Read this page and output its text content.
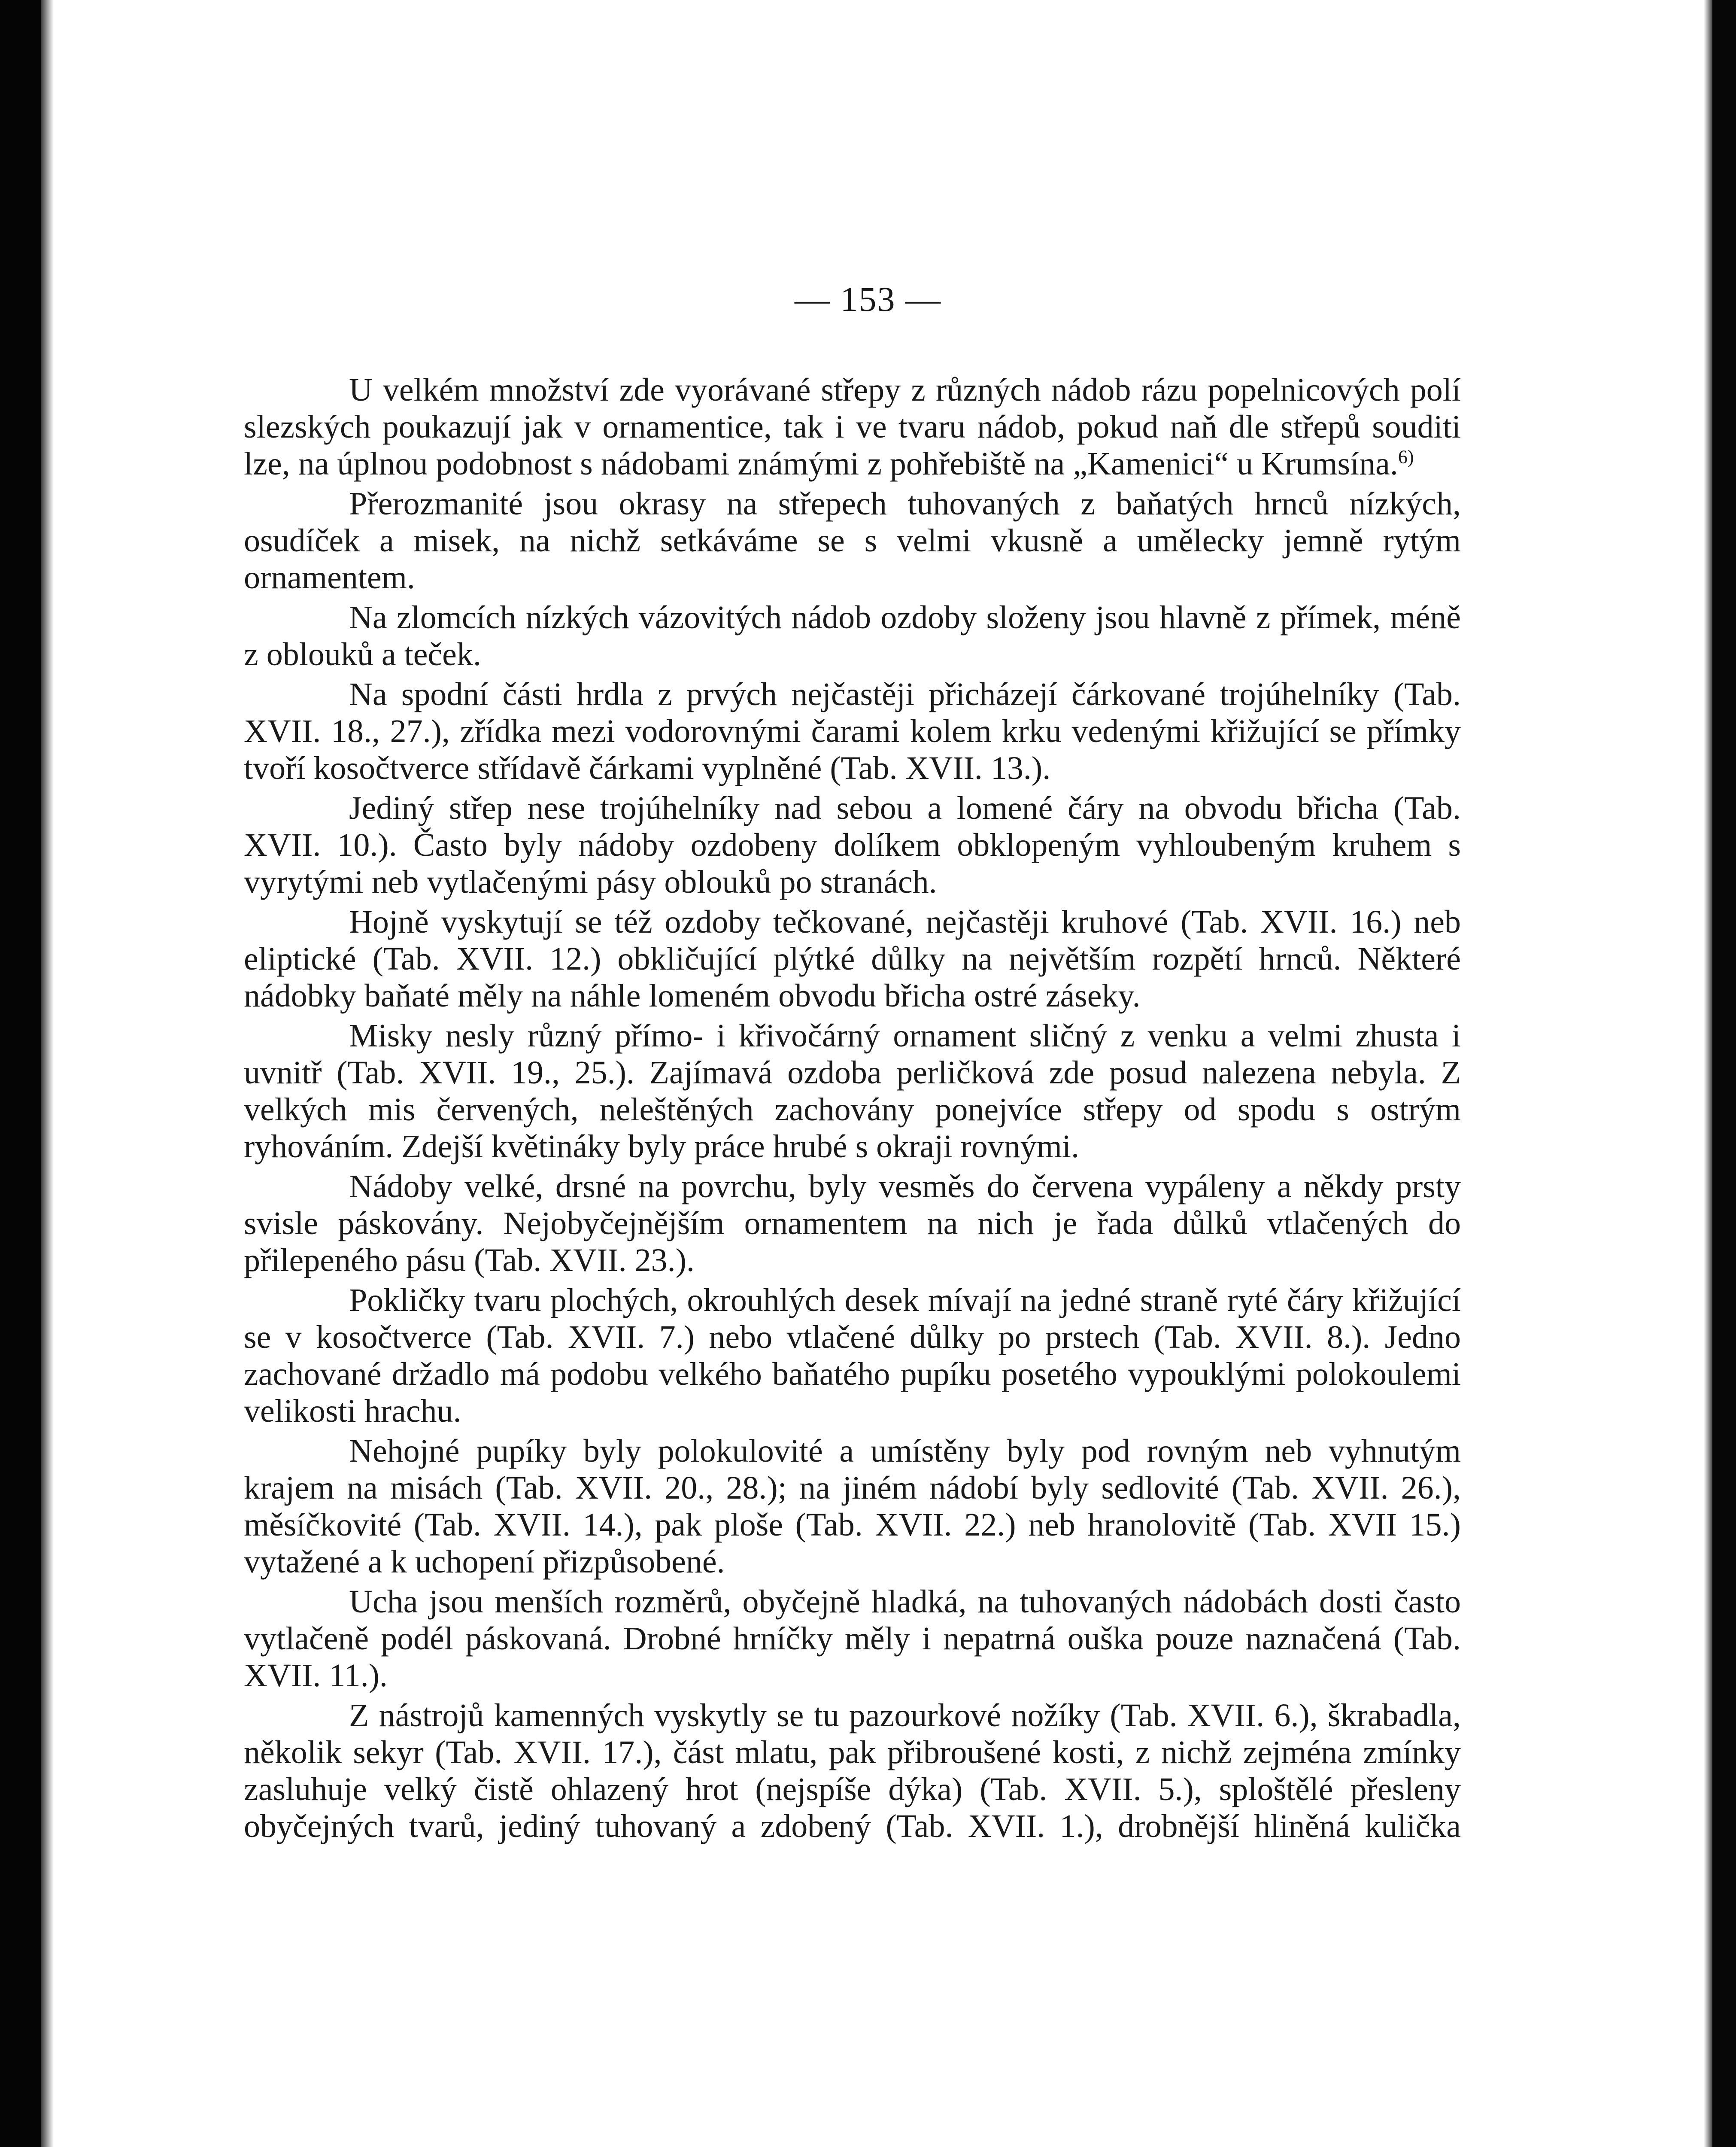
— 153 —

U velkém množství zde vyorávané střepy z různých nádob rázu popelnicových polí slezských poukazují jak v ornamentice, tak i ve tvaru nádob, pokud naň dle střepů souditi lze, na úplnou podobnost s nádobami známými z pohřebiště na „Kamenici“ u Krumsína.$^{6)}$

Přerozmanité jsou okrasy na střepech tuhovaných z baňatých hrnců nízkých, osudíček a misek, na nichž setkáváme se s velmi vkusně a umělecky jemně rytým ornamentem.

Na zlomcích nízkých vázovitých nádob ozdoby složeny jsou hlavně z přímek, méně z oblouků a teček.

Na spodní části hrdla z prvých nejčastěji přicházejí čárkované trojúhelníky (Tab. XVII. 18., 27.), zřídka mezi vodorovnými čarami kolem krku vedenými křižující se přímky tvoří kosočtverce střídavě čárkami vyplněné (Tab. XVII. 13.).

Jediný střep nese trojúhelníky nad sebou a lomené čáry na obvodu břicha (Tab. XVII. 10.). Často byly nádoby ozdobeny dolíkem obklopeným vyhloubeným kruhem s vyrytými neb vytlačenými pásy oblouků po stranách.

Hojně vyskytují se též ozdoby tečkované, nejčastěji kruhové (Tab. XVII. 16.) neb eliptické (Tab. XVII. 12.) obkličující plýtké důlky na největším rozpětí hrnců. Některé nádobky baňaté měly na náhle lomeném obvodu břicha ostré záseky.

Misky nesly různý přímo- i křivočárný ornament sličný z venku a velmi zhusta i uvnitř (Tab. XVII. 19., 25.). Zajímavá ozdoba perličková zde posud nalezena nebyla. Z velkých mis červených, neleštěných zachovány ponejvíce střepy od spodu s ostrým ryhováním. Zdejší květináky byly práce hrubé s okraji rovnými.

Nádoby velké, drsné na povrchu, byly vesměs do červena vypáleny a někdy prsty svisle páskovány. Nejobyčejnějším ornamentem na nich je řada důlků vtlačených do přilepeného pásu (Tab. XVII. 23.).

Pokličky tvaru plochých, okrouhlých desek mívají na jedné straně ryté čáry křižující se v kosočtverce (Tab. XVII. 7.) nebo vtlačené důlky po prstech (Tab. XVII. 8.). Jedno zachované držadlo má podobu velkého baňatého pupíku posetého vypouklými polokoulemi velikosti hrachu.

Nehojné pupíky byly polokulovité a umístěny byly pod rovným neb vyhnutým krajem na misách (Tab. XVII. 20., 28.); na jiném nádobí byly sedlovité (Tab. XVII. 26.), měsíčkovité (Tab. XVII. 14.), pak ploše (Tab. XVII. 22.) neb hranolovitě (Tab. XVII 15.) vytažené a k uchopení přizpůsobené.

Ucha jsou menších rozměrů, obyčejně hladká, na tuhovaných nádobách dosti často vytlačeně podél páskovaná. Drobné hrníčky měly i nepatrná ouška pouze naznačená (Tab. XVII. 11.).

Z nástrojů kamenných vyskytly se tu pazourkové nožíky (Tab. XVII. 6.), škrabadla, několik sekyr (Tab. XVII. 17.), část mlatu, pak přibroušené kosti, z nichž zejména zmínky zasluhuje velký čistě ohlazený hrot (nejspíše dýka) (Tab. XVII. 5.), sploštělé přesleny obyčejných tvarů, jediný tuhovaný a zdobený (Tab. XVII. 1.), drobnější hliněná kulička
